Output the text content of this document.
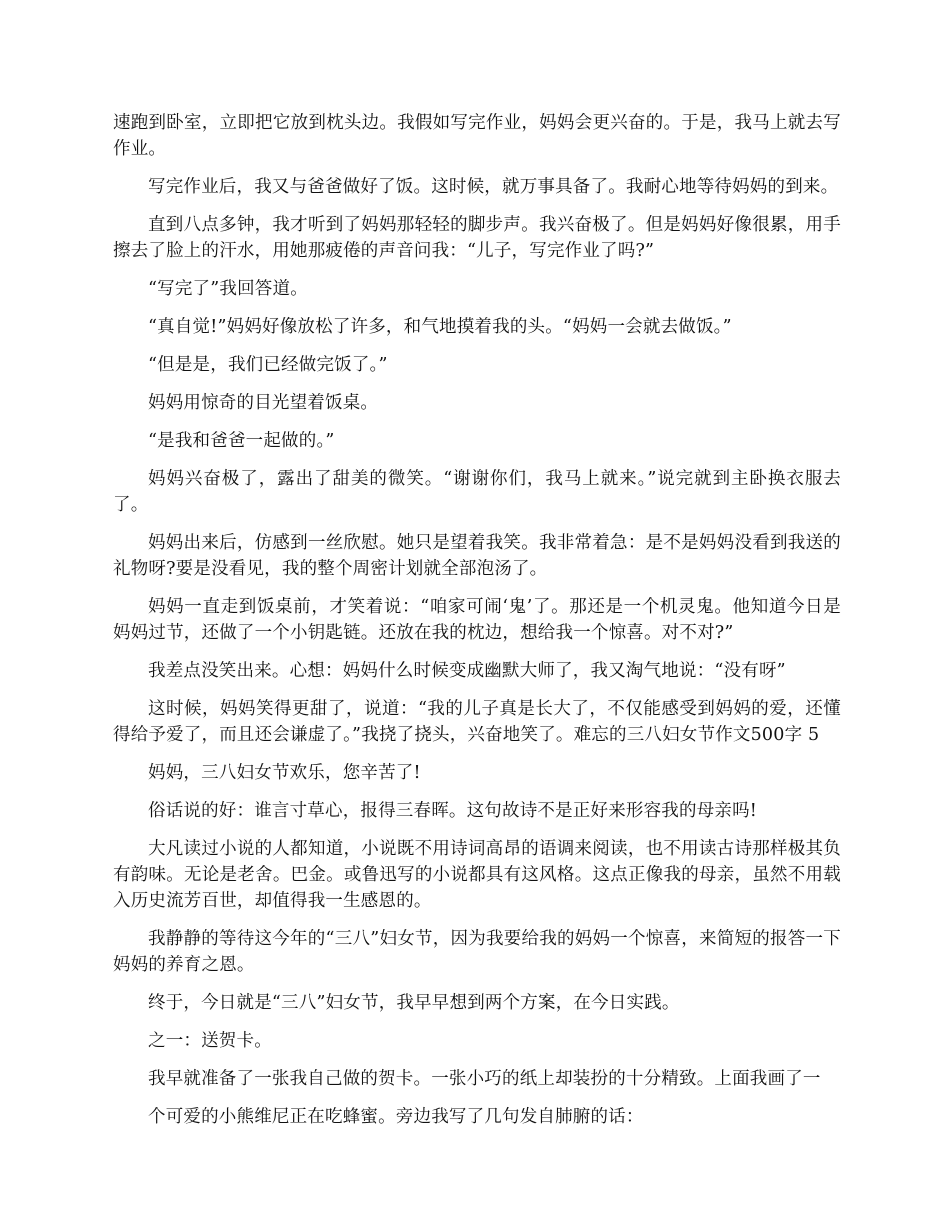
速跑到卧室，立即把它放到枕头边。我假如写完作业，妈妈会更兴奋的。于是，我马上就去写作业。

写完作业后，我又与爸爸做好了饭。这时候，就万事具备了。我耐心地等待妈妈的到来。

直到八点多钟，我才听到了妈妈那轻轻的脚步声。我兴奋极了。但是妈妈好像很累，用手擦去了脸上的汗水，用她那疲倦的声音问我：“儿子，写完作业了吗?”

“写完了”我回答道。

“真自觉!”妈妈好像放松了许多，和气地摸着我的头。“妈妈一会就去做饭。”

“但是是，我们已经做完饭了。”

妈妈用惊奇的目光望着饭桌。

“是我和爸爸一起做的。”

妈妈兴奋极了，露出了甜美的微笑。“谢谢你们，我马上就来。”说完就到主卧换衣服去了。

妈妈出来后，仿感到一丝欣慰。她只是望着我笑。我非常着急：是不是妈妈没看到我送的礼物呀?要是没看见，我的整个周密计划就全部泡汤了。

妈妈一直走到饭桌前，才笑着说：“咱家可闹‘鬼’了。那还是一个机灵鬼。他知道今日是妈妈过节，还做了一个小钥匙链。还放在我的枕边，想给我一个惊喜。对不对?”

我差点没笑出来。心想：妈妈什么时候变成幽默大师了，我又淘气地说：“没有呀”

这时候，妈妈笑得更甜了，说道：“我的儿子真是长大了，不仅能感受到妈妈的爱，还懂得给予爱了，而且还会谦虚了。”我挠了挠头，兴奋地笑了。难忘的三八妇女节作文500字 5

妈妈，三八妇女节欢乐，您辛苦了!

俗话说的好：谁言寸草心，报得三春晖。这句故诗不是正好来形容我的母亲吗!

大凡读过小说的人都知道，小说既不用诗词高昂的语调来阅读，也不用读古诗那样极其负有韵味。无论是老舍。巴金。或鲁迅写的小说都具有这风格。这点正像我的母亲，虽然不用载入历史流芳百世，却值得我一生感恩的。

我静静的等待这今年的“三八”妇女节，因为我要给我的妈妈一个惊喜，来简短的报答一下妈妈的养育之恩。

终于，今日就是“三八”妇女节，我早早想到两个方案，在今日实践。

之一：送贺卡。

我早就准备了一张我自己做的贺卡。一张小巧的纸上却装扮的十分精致。上面我画了一

个可爱的小熊维尼正在吃蜂蜜。旁边我写了几句发自肺腑的话：
